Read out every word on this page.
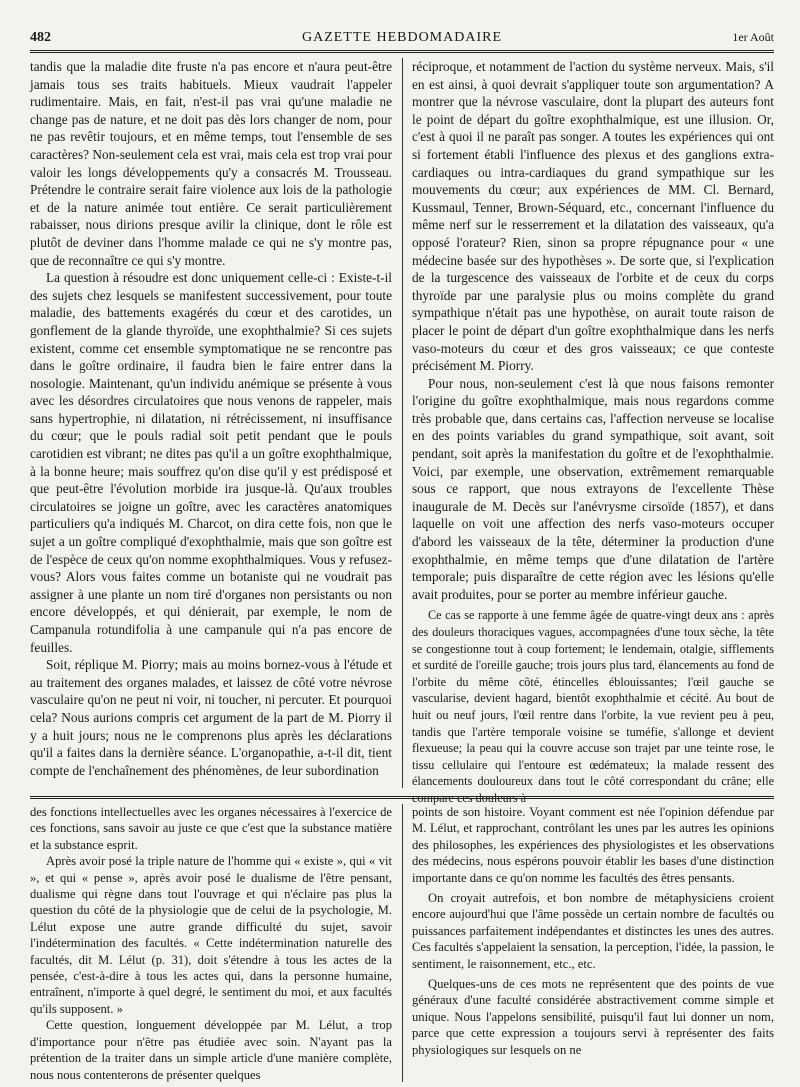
482	GAZETTE HEBDOMADAIRE	1er Août

tandis que la maladie dite fruste n'a pas encore et n'aura peut-être jamais tous ses traits habituels. Mieux vaudrait l'appeler rudimentaire. Mais, en fait, n'est-il pas vrai qu'une maladie ne change pas de nature, et ne doit pas dès lors changer de nom, pour ne pas revêtir toujours, et en même temps, tout l'ensemble de ses caractères? Non-seulement cela est vrai, mais cela est trop vrai pour valoir les longs développements qu'y a consacrés M. Trousseau. Prétendre le contraire serait faire violence aux lois de la pathologie et de la nature animée tout entière. Ce serait particulièrement rabaisser, nous dirions presque avilir la clinique, dont le rôle est plutôt de deviner dans l'homme malade ce qui ne s'y montre pas, que de reconnaître ce qui s'y montre.

La question à résoudre est donc uniquement celle-ci : Existe-t-il des sujets chez lesquels se manifestent successivement, pour toute maladie, des battements exagérés du cœur et des carotides, un gonflement de la glande thyroïde, une exophthalmie? Si ces sujets existent, comme cet ensemble symptomatique ne se rencontre pas dans le goître ordinaire, il faudra bien le faire entrer dans la nosologie. Maintenant, qu'un individu anémique se présente à vous avec les désordres circulatoires que nous venons de rappeler, mais sans hypertrophie, ni dilatation, ni rétrécissement, ni insuffisance du cœur; que le pouls radial soit petit pendant que le pouls carotidien est vibrant; ne dites pas qu'il a un goître exophthalmique, à la bonne heure; mais souffrez qu'on dise qu'il y est prédisposé et que peut-être l'évolution morbide ira jusque-là. Qu'aux troubles circulatoires se joigne un goître, avec les caractères anatomiques particuliers qu'a indiqués M. Charcot, on dira cette fois, non que le sujet a un goître compliqué d'exophthalmie, mais que son goître est de l'espèce de ceux qu'on nomme exophthalmiques. Vous y refusez-vous? Alors vous faites comme un botaniste qui ne voudrait pas assigner à une plante un nom tiré d'organes non persistants ou non encore développés, et qui dénierait, par exemple, le nom de Campanula rotundifolia à une campanule qui n'a pas encore de feuilles.

Soit, réplique M. Piorry; mais au moins bornez-vous à l'étude et au traitement des organes malades, et laissez de côté votre névrose vasculaire qu'on ne peut ni voir, ni toucher, ni percuter. Et pourquoi cela? Nous aurions compris cet argument de la part de M. Piorry il y a huit jours; nous ne le comprenons plus après les déclarations qu'il a faites dans la dernière séance. L'organopathie, a-t-il dit, tient compte de l'enchaînement des phénomènes, de leur subordination

réciproque, et notamment de l'action du système nerveux. Mais, s'il en est ainsi, à quoi devrait s'appliquer toute son argumentation? A montrer que la névrose vasculaire, dont la plupart des auteurs font le point de départ du goître exophthalmique, est une illusion. Or, c'est à quoi il ne paraît pas songer. A toutes les expériences qui ont si fortement établi l'influence des plexus et des ganglions extra-cardiaques ou intra-cardiaques du grand sympathique sur les mouvements du cœur; aux expériences de MM. Cl. Bernard, Kussmaul, Tenner, Brown-Séquard, etc., concernant l'influence du même nerf sur le resserrement et la dilatation des vaisseaux, qu'a opposé l'orateur? Rien, sinon sa propre répugnance pour « une médecine basée sur des hypothèses ». De sorte que, si l'explication de la turgescence des vaisseaux de l'orbite et de ceux du corps thyroïde par une paralysie plus ou moins complète du grand sympathique n'était pas une hypothèse, on aurait toute raison de placer le point de départ d'un goître exophthalmique dans les nerfs vaso-moteurs du cœur et des gros vaisseaux; ce que conteste précisément M. Piorry.

Pour nous, non-seulement c'est là que nous faisons remonter l'origine du goître exophthalmique, mais nous regardons comme très probable que, dans certains cas, l'affection nerveuse se localise en des points variables du grand sympathique, soit avant, soit pendant, soit après la manifestation du goître et de l'exophthalmie. Voici, par exemple, une observation, extrêmement remarquable sous ce rapport, que nous extrayons de l'excellente Thèse inaugurale de M. Decès sur l'anévrysme cirsoïde (1857), et dans laquelle on voit une affection des nerfs vaso-moteurs occuper d'abord les vaisseaux de la tête, déterminer la production d'une exophthalmie, en même temps que d'une dilatation de l'artère temporale; puis disparaître de cette région avec les lésions qu'elle avait produites, pour se porter au membre inférieur gauche.

Ce cas se rapporte à une femme âgée de quatre-vingt deux ans : après des douleurs thoraciques vagues, accompagnées d'une toux sèche, la tête se congestionne tout à coup fortement; le lendemain, otalgie, sifflements et surdité de l'oreille gauche; trois jours plus tard, élancements au fond de l'orbite du même côté, étincelles éblouissantes; l'œil gauche se vascularise, devient hagard, bientôt exophthalmie et cécité. Au bout de huit ou neuf jours, l'œil rentre dans l'orbite, la vue revient peu à peu, tandis que l'artère temporale voisine se tuméfie, s'allonge et devient flexueuse; la peau qui la couvre accuse son trajet par une teinte rose, le tissu cellulaire qui l'entoure est œdémateux; la malade ressent des élancements douloureux dans tout le côté correspondant du crâne; elle compare ces douleurs à

des fonctions intellectuelles avec les organes nécessaires à l'exercice de ces fonctions, sans savoir au juste ce que c'est que la substance matière et la substance esprit.

Après avoir posé la triple nature de l'homme qui « existe », qui « vit », et qui « pense », après avoir posé le dualisme de l'être pensant, dualisme qui règne dans tout l'ouvrage et qui n'éclaire pas plus la question du côté de la physiologie que de celui de la psychologie, M. Lélut expose une autre grande difficulté du sujet, savoir l'indétermination des facultés. « Cette indétermination naturelle des facultés, dit M. Lélut (p. 31), doit s'étendre à tous les actes de la pensée, c'est-à-dire à tous les actes qui, dans la personne humaine, entraînent, n'importe à quel degré, le sentiment du moi, et aux facultés qu'ils supposent. »

Cette question, longuement développée par M. Lélut, a trop d'importance pour n'être pas étudiée avec soin. N'ayant pas la prétention de la traiter dans un simple article d'une manière complète, nous nous contenterons de présenter quelques

points de son histoire. Voyant comment est née l'opinion défendue par M. Lélut, et rapprochant, contrôlant les unes par les autres les opinions des philosophes, les expériences des physiologistes et les observations des médecins, nous espérons pouvoir établir les bases d'une distinction importante dans ce qu'on nomme les facultés des êtres pensants.

On croyait autrefois, et bon nombre de métaphysiciens croient encore aujourd'hui que l'âme possède un certain nombre de facultés ou puissances parfaitement indépendantes et distinctes les unes des autres. Ces facultés s'appelaient la sensation, la perception, l'idée, la passion, le sentiment, le raisonnement, etc., etc.

Quelques-uns de ces mots ne représentent que des points de vue généraux d'une faculté considérée abstractivement comme simple et unique. Nous l'appelons sensibilité, puisqu'il faut lui donner un nom, parce que cette expression a toujours servi à représenter des faits physiologiques sur lesquels on ne
